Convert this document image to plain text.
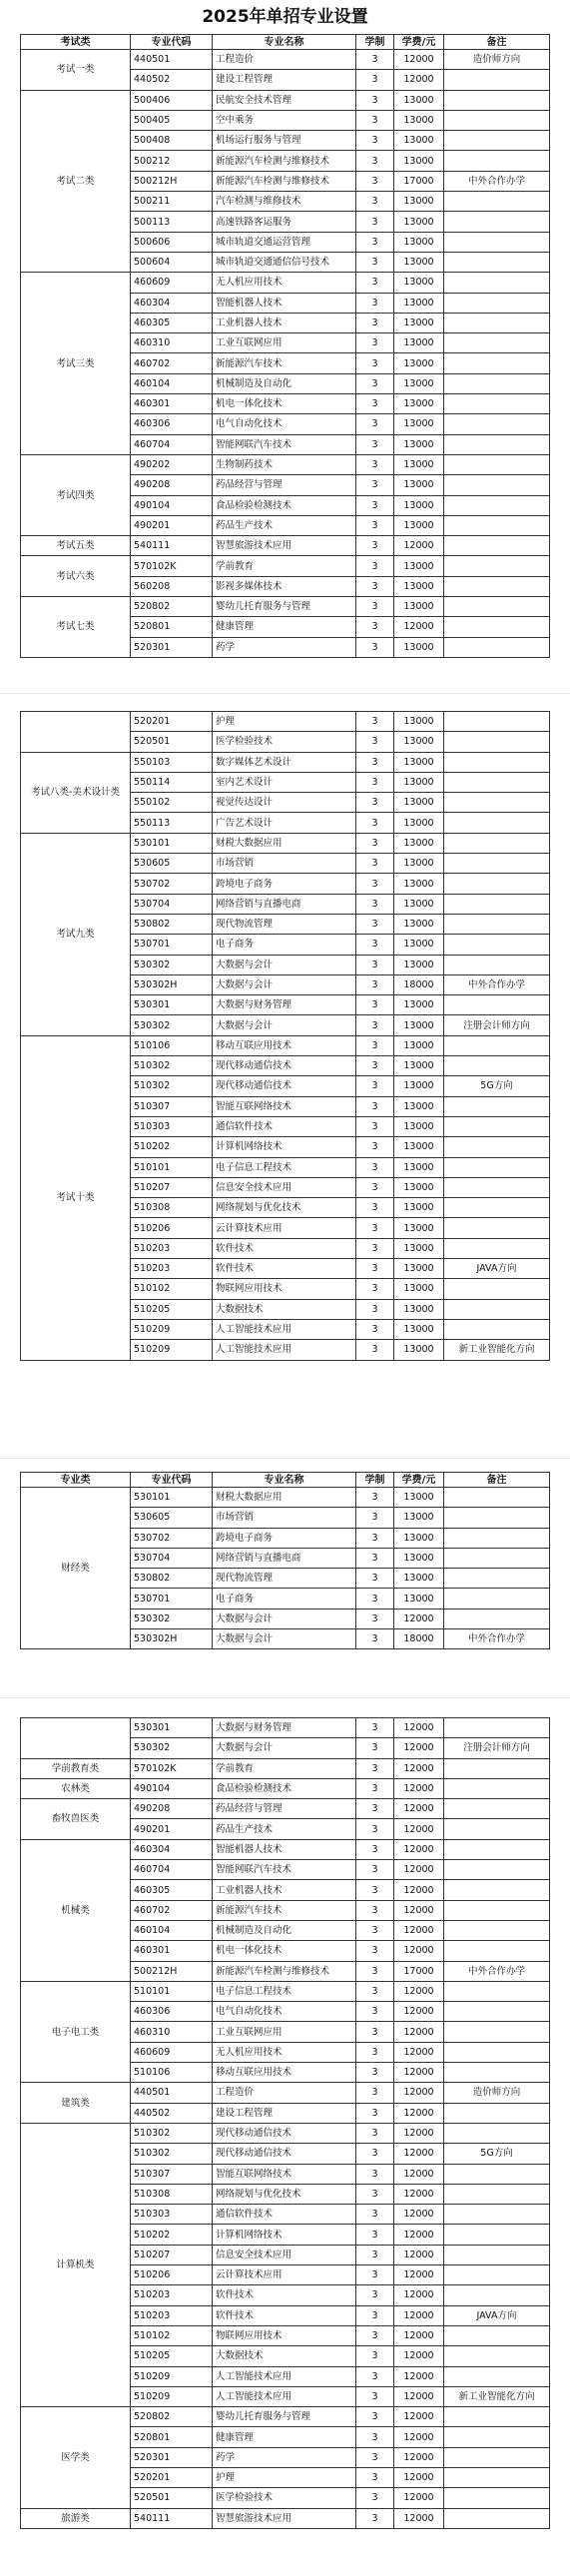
2025年单招专业设置
考试类	专业代码	专业名称	学制	学费/元	备注
考试一类	440501	工程造价	3	12000	造价师方向
	440502	建设工程管理	3	12000	
考试二类	500406	民航安全技术管理	3	13000	
	500405	空中乘务	3	13000	
	500408	机场运行服务与管理	3	13000	
	500212	新能源汽车检测与维修技术	3	13000	
	500212H	新能源汽车检测与维修技术	3	17000	中外合作办学
	500211	汽车检测与维修技术	3	13000	
	500113	高速铁路客运服务	3	13000	
	500606	城市轨道交通运营管理	3	13000	
	500604	城市轨道交通通信信号技术	3	13000	
考试三类	460609	无人机应用技术	3	13000	
	460304	智能机器人技术	3	13000	
	460305	工业机器人技术	3	13000	
	460310	工业互联网应用	3	13000	
	460702	新能源汽车技术	3	13000	
	460104	机械制造及自动化	3	13000	
	460301	机电一体化技术	3	13000	
	460306	电气自动化技术	3	13000	
	460704	智能网联汽车技术	3	13000	
考试四类	490202	生物制药技术	3	13000	
	490208	药品经营与管理	3	13000	
	490104	食品检验检测技术	3	13000	
	490201	药品生产技术	3	13000	
考试五类	540111	智慧旅游技术应用	3	12000	
考试六类	570102K	学前教育	3	13000	
	560208	影视多媒体技术	3	13000	
考试七类	520802	婴幼儿托育服务与管理	3	13000	
	520801	健康管理	3	12000	
	520301	药学	3	13000	
	520201	护理	3	13000	
	520501	医学检验技术	3	13000	
考试八类-美术设计类	550103	数字媒体艺术设计	3	13000	
	550114	室内艺术设计	3	13000	
	550102	视觉传达设计	3	13000	
	550113	广告艺术设计	3	13000	
考试九类	530101	财税大数据应用	3	13000	
	530605	市场营销	3	13000	
	530702	跨境电子商务	3	13000	
	530704	网络营销与直播电商	3	13000	
	530802	现代物流管理	3	13000	
	530701	电子商务	3	13000	
	530302	大数据与会计	3	13000	
	530302H	大数据与会计	3	18000	中外合作办学
	530301	大数据与财务管理	3	13000	
	530302	大数据与会计	3	13000	注册会计师方向
考试十类	510106	移动互联应用技术	3	13000	
	510302	现代移动通信技术	3	13000	
	510302	现代移动通信技术	3	13000	5G方向
	510307	智能互联网络技术	3	13000	
	510303	通信软件技术	3	13000	
	510202	计算机网络技术	3	13000	
	510101	电子信息工程技术	3	13000	
	510207	信息安全技术应用	3	13000	
	510308	网络规划与优化技术	3	13000	
	510206	云计算技术应用	3	13000	
	510203	软件技术	3	13000	
	510203	软件技术	3	13000	JAVA方向
	510102	物联网应用技术	3	13000	
	510205	大数据技术	3	13000	
	510209	人工智能技术应用	3	13000	
	510209	人工智能技术应用	3	13000	新工业智能化方向
专业类	专业代码	专业名称	学制	学费/元	备注
财经类	530101	财税大数据应用	3	13000	
	530605	市场营销	3	13000	
	530702	跨境电子商务	3	13000	
	530704	网络营销与直播电商	3	13000	
	530802	现代物流管理	3	13000	
	530701	电子商务	3	13000	
	530302	大数据与会计	3	12000	
	530302H	大数据与会计	3	18000	中外合作办学
	530301	大数据与财务管理	3	12000	
	530302	大数据与会计	3	12000	注册会计师方向
学前教育类	570102K	学前教育	3	12000	
农林类	490104	食品检验检测技术	3	12000	
畜牧兽医类	490208	药品经营与管理	3	12000	
	490201	药品生产技术	3	12000	
机械类	460304	智能机器人技术	3	12000	
	460704	智能网联汽车技术	3	12000	
	460305	工业机器人技术	3	12000	
	460702	新能源汽车技术	3	12000	
	460104	机械制造及自动化	3	12000	
	460301	机电一体化技术	3	12000	
	500212H	新能源汽车检测与维修技术	3	17000	中外合作办学
电子电工类	510101	电子信息工程技术	3	12000	
	460306	电气自动化技术	3	12000	
	460310	工业互联网应用	3	12000	
	460609	无人机应用技术	3	12000	
	510106	移动互联应用技术	3	12000	
建筑类	440501	工程造价	3	12000	造价师方向
	440502	建设工程管理	3	12000	
计算机类	510302	现代移动通信技术	3	12000	
	510302	现代移动通信技术	3	12000	5G方向
	510307	智能互联网络技术	3	12000	
	510308	网络规划与优化技术	3	12000	
	510303	通信软件技术	3	12000	
	510202	计算机网络技术	3	12000	
	510207	信息安全技术应用	3	12000	
	510206	云计算技术应用	3	12000	
	510203	软件技术	3	12000	
	510203	软件技术	3	12000	JAVA方向
	510102	物联网应用技术	3	12000	
	510205	大数据技术	3	12000	
	510209	人工智能技术应用	3	12000	
	510209	人工智能技术应用	3	12000	新工业智能化方向
医学类	520802	婴幼儿托育服务与管理	3	12000	
	520801	健康管理	3	12000	
	520301	药学	3	12000	
	520201	护理	3	12000	
	520501	医学检验技术	3	12000	
旅游类	540111	智慧旅游技术应用	3	12000	
